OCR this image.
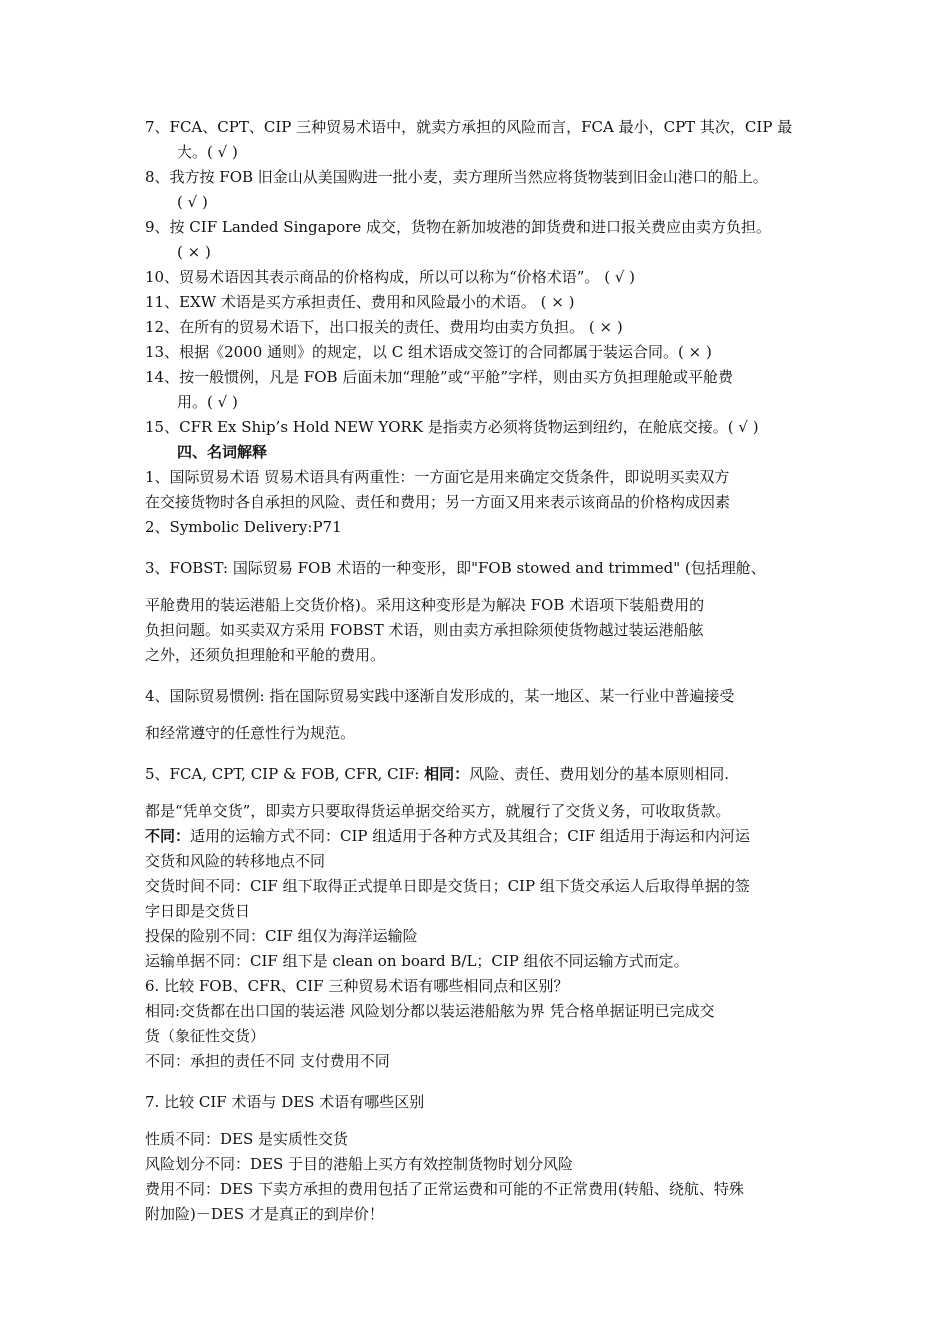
7、FCA、CPT、CIP 三种贸易术语中，就卖方承担的风险而言，FCA 最小，CPT 其次，CIP 最
大。( √ )
8、我方按 FOB 旧金山从美国购进一批小麦，卖方理所当然应将货物装到旧金山港口的船上。
( √ )
9、按 CIF Landed Singapore 成交，货物在新加坡港的卸货费和进口报关费应由卖方负担。
( × )
10、贸易术语因其表示商品的价格构成，所以可以称为“价格术语”。 ( √ )
11、EXW 术语是买方承担责任、费用和风险最小的术语。 ( × )
12、在所有的贸易术语下，出口报关的责任、费用均由卖方负担。 ( × )
13、根据《2000 通则》的规定，以 C 组术语成交签订的合同都属于装运合同。( × )
14、按一般惯例，凡是 FOB 后面未加“理舱”或“平舱”字样，则由买方负担理舱或平舱费
用。( √ )
15、CFR Ex Ship’s Hold NEW YORK 是指卖方必须将货物运到纽约，在舱底交接。( √ )
四、名词解释
1、国际贸易术语 贸易术语具有两重性：一方面它是用来确定交货条件，即说明买卖双方
在交接货物时各自承担的风险、责任和费用；另一方面又用来表示该商品的价格构成因素
2、Symbolic Delivery:P71
3、FOBST: 国际贸易 FOB 术语的一种变形，即"FOB stowed and trimmed" (包括理舱、
平舱费用的装运港船上交货价格)。采用这种变形是为解决 FOB 术语项下装船费用的
负担问题。如买卖双方采用 FOBST 术语，则由卖方承担除须使货物越过装运港船舷
之外，还须负担理舱和平舱的费用。
4、国际贸易惯例: 指在国际贸易实践中逐渐自发形成的，某一地区、某一行业中普遍接受
和经常遵守的任意性行为规范。
5、FCA, CPT, CIP & FOB, CFR, CIF: 相同：风险、责任、费用划分的基本原则相同.
都是“凭单交货”，即卖方只要取得货运单据交给买方，就履行了交货义务，可收取货款。
不同：适用的运输方式不同：CIP 组适用于各种方式及其组合；CIF 组适用于海运和内河运
交货和风险的转移地点不同
交货时间不同：CIF 组下取得正式提单日即是交货日；CIP 组下货交承运人后取得单据的签
字日即是交货日
投保的险别不同：CIF 组仅为海洋运输险
运输单据不同：CIF 组下是 clean on board B/L；CIP 组依不同运输方式而定。
6. 比较 FOB、CFR、CIF 三种贸易术语有哪些相同点和区别？
相同:交货都在出口国的装运港 风险划分都以装运港船舷为界 凭合格单据证明已完成交
货（象征性交货）
不同：承担的责任不同 支付费用不同
7. 比较 CIF 术语与 DES 术语有哪些区别
性质不同：DES 是实质性交货
风险划分不同：DES 于目的港船上买方有效控制货物时划分风险
费用不同：DES 下卖方承担的费用包括了正常运费和可能的不正常费用(转船、绕航、特殊
附加险)－DES 才是真正的到岸价！
